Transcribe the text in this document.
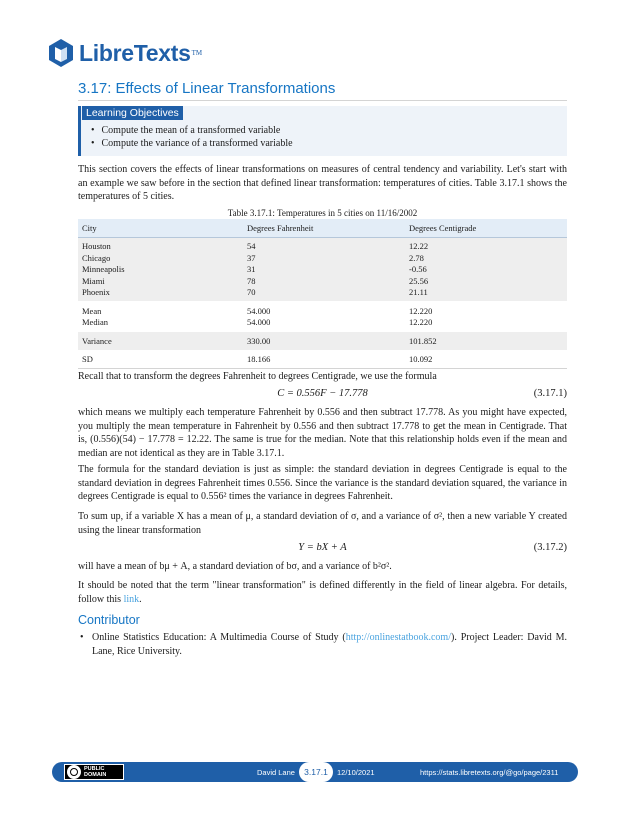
LibreTexts TM
3.17: Effects of Linear Transformations
Learning Objectives
• Compute the mean of a transformed variable
• Compute the variance of a transformed variable

This section covers the effects of linear transformations on measures of central tendency and variability. Let's start with an example we saw before in the section that defined linear transformation: temperatures of cities. Table 3.17.1 shows the temperatures of 5 cities.

Table 3.17.1: Temperatures in 5 cities on 11/16/2002
City	Degrees Fahrenheit	Degrees Centigrade

Houston	54	12.22
Chicago	37	2.78
Minneapolis	31	-0.56
Miami	78	25.56
Phoenix	70	21.11

Mean	54.000	12.220
Median	54.000	12.220

Variance	330.00	101.852

SD	18.166	10.092

Recall that to transform the degrees Fahrenheit to degrees Centigrade, we use the formula

C = 0.556F − 17.778	(3.17.1)

which means we multiply each temperature Fahrenheit by 0.556 and then subtract 17.778. As you might have expected, you multiply the mean temperature in Fahrenheit by 0.556 and then subtract 17.778 to get the mean in Centigrade. That is, (0.556)(54) − 17.778 = 12.22. The same is true for the median. Note that this relationship holds even if the mean and median are not identical as they are in Table 3.17.1.

The formula for the standard deviation is just as simple: the standard deviation in degrees Centigrade is equal to the standard deviation in degrees Fahrenheit times 0.556. Since the variance is the standard deviation squared, the variance in degrees Centigrade is equal to 0.556² times the variance in degrees Fahrenheit.

To sum up, if a variable X has a mean of μ, a standard deviation of σ, and a variance of σ², then a new variable Y created using the linear transformation

Y = bX + A	(3.17.2)

will have a mean of bμ + A, a standard deviation of bσ, and a variance of b²σ².

It should be noted that the term "linear transformation" is defined differently in the field of linear algebra. For details, follow this link.

Contributor
• Online Statistics Education: A Multimedia Course of Study (http://onlinestatbook.com/). Project Leader: David M. Lane, Rice University.
PUBLIC
DOMAIN	David Lane	3.17.1	12/10/2021	https://stats.libretexts.org/@go/page/2311
